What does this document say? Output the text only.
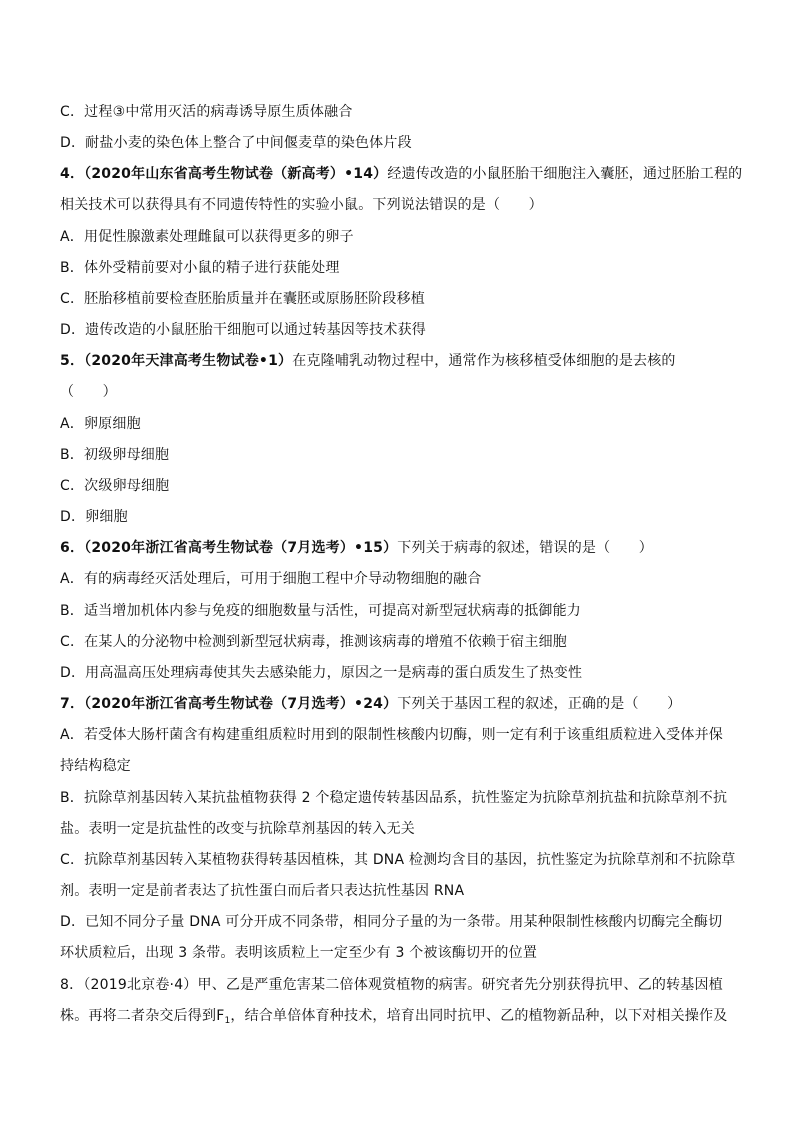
C．过程③中常用灭活的病毒诱导原生质体融合
D．耐盐小麦的染色体上整合了中间偃麦草的染色体片段
4．（2020年山东省高考生物试卷（新高考）•14）经遗传改造的小鼠胚胎干细胞注入囊胚，通过胚胎工程的
相关技术可以获得具有不同遗传特性的实验小鼠。下列说法错误的是（　　）
A．用促性腺激素处理雌鼠可以获得更多的卵子
B．体外受精前要对小鼠的精子进行获能处理
C．胚胎移植前要检查胚胎质量并在囊胚或原肠胚阶段移植
D．遗传改造的小鼠胚胎干细胞可以通过转基因等技术获得
5．（2020年天津高考生物试卷•1）在克隆哺乳动物过程中，通常作为核移植受体细胞的是去核的
（　　）
A．卵原细胞
B．初级卵母细胞
C．次级卵母细胞
D．卵细胞
6．（2020年浙江省高考生物试卷（7月选考）•15）下列关于病毒的叙述，错误的是（　　）
A．有的病毒经灭活处理后，可用于细胞工程中介导动物细胞的融合
B．适当增加机体内参与免疫的细胞数量与活性，可提高对新型冠状病毒的抵御能力
C．在某人的分泌物中检测到新型冠状病毒，推测该病毒的增殖不依赖于宿主细胞
D．用高温高压处理病毒使其失去感染能力，原因之一是病毒的蛋白质发生了热变性
7．（2020年浙江省高考生物试卷（7月选考）•24）下列关于基因工程的叙述，正确的是（　　）
A．若受体大肠杆菌含有构建重组质粒时用到的限制性核酸内切酶，则一定有利于该重组质粒进入受体并保
持结构稳定
B．抗除草剂基因转入某抗盐植物获得 2 个稳定遗传转基因品系，抗性鉴定为抗除草剂抗盐和抗除草剂不抗
盐。表明一定是抗盐性的改变与抗除草剂基因的转入无关
C．抗除草剂基因转入某植物获得转基因植株，其 DNA 检测均含目的基因，抗性鉴定为抗除草剂和不抗除草
剂。表明一定是前者表达了抗性蛋白而后者只表达抗性基因 RNA
D．已知不同分子量 DNA 可分开成不同条带，相同分子量的为一条带。用某种限制性核酸内切酶完全酶切
环状质粒后，出现 3 条带。表明该质粒上一定至少有 3 个被该酶切开的位置
8．（2019北京卷·4）甲、乙是严重危害某二倍体观赏植物的病害。研究者先分别获得抗甲、乙的转基因植
株。再将二者杂交后得到$F_1$，结合单倍体育种技术，培育出同时抗甲、乙的植物新品种，以下对相关操作及
